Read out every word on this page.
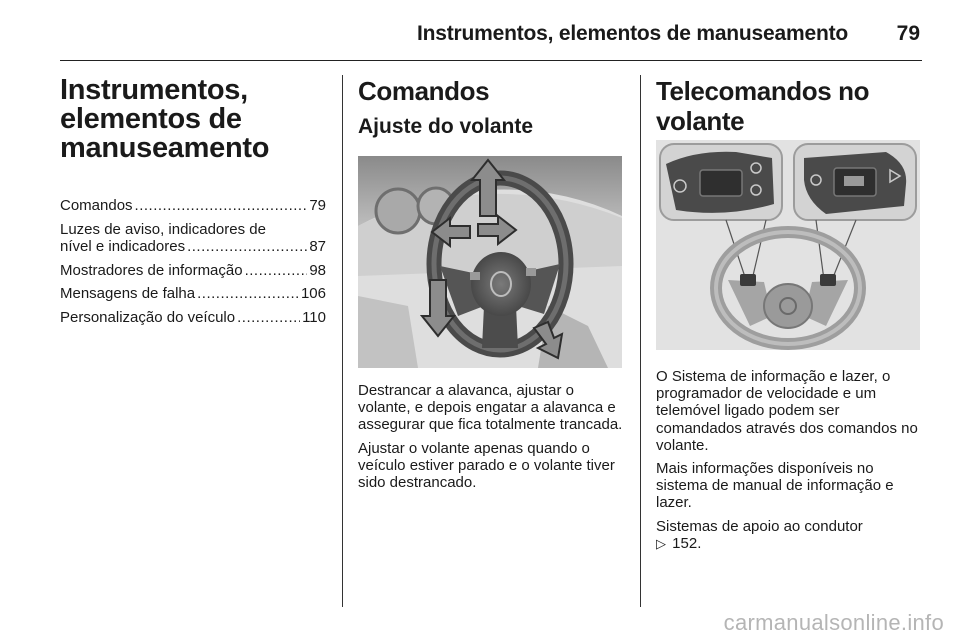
Instrumentos, elementos de manuseamento 79
Instrumentos,
elementos de
manuseamento
Comandos .....	79
Luzes de aviso, indicadores de
nível e indicadores .....	87
Mostradores de informação .....	98
Mensagens de falha .....	106
Personalização do veículo .....	110
Comandos
Ajuste do volante

Destrancar a alavanca, ajustar o volante, e depois engatar a alavanca e assegurar que fica totalmente trancada.

Ajustar o volante apenas quando o veículo estiver parado e o volante tiver sido destrancado.

Telecomandos no volante

O Sistema de informação e lazer, o programador de velocidade e um telemóvel ligado podem ser comandados através dos comandos no volante.

Mais informações disponíveis no sistema de manual de informação e lazer.

Sistemas de apoio ao condutor
▷ 152.

carmanualsonline.info
